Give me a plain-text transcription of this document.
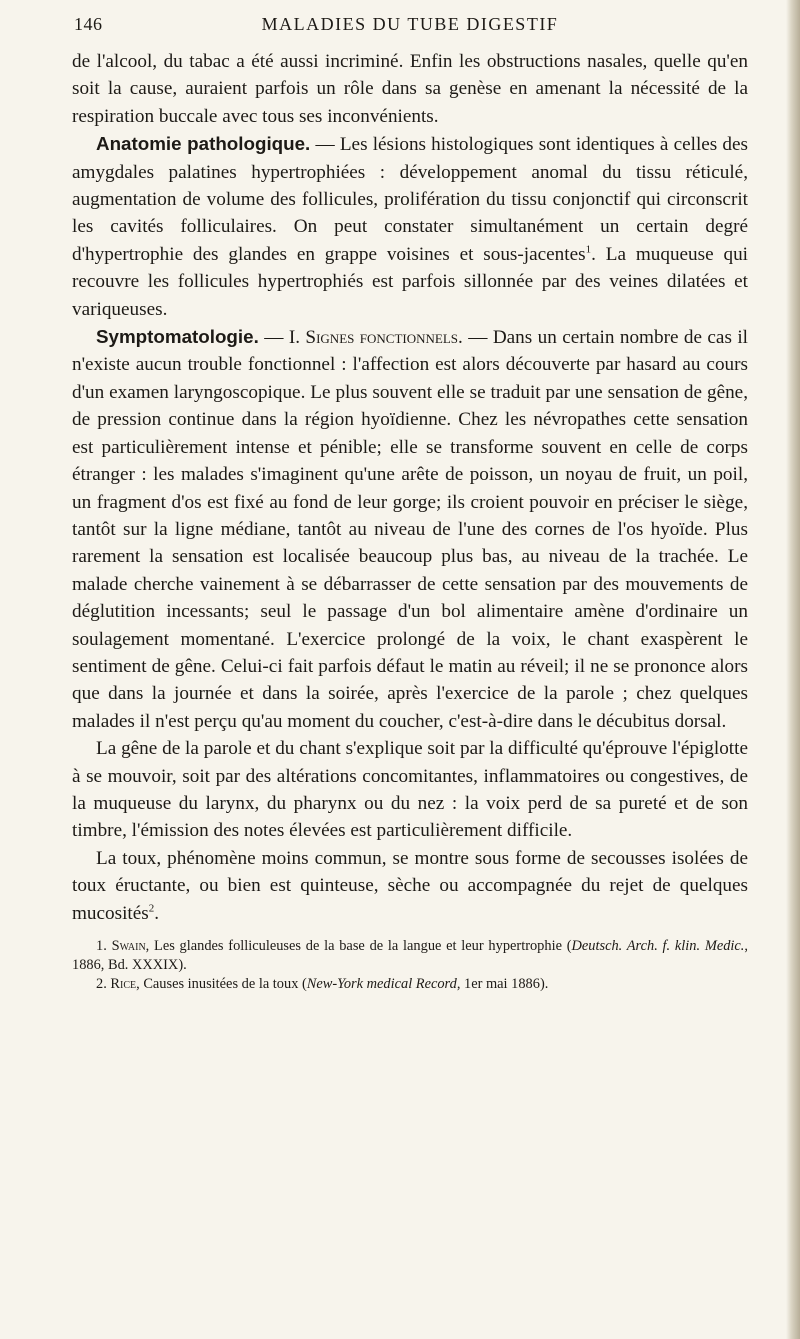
146	MALADIES DU TUBE DIGESTIF

de l'alcool, du tabac a été aussi incriminé. Enfin les obstructions nasales, quelle qu'en soit la cause, auraient parfois un rôle dans sa genèse en amenant la nécessité de la respiration buccale avec tous ses inconvénients.

Anatomie pathologique. — Les lésions histologiques sont identiques à celles des amygdales palatines hypertrophiées : développement anomal du tissu réticulé, augmentation de volume des follicules, prolifération du tissu conjonctif qui circonscrit les cavités folliculaires. On peut constater simultanément un certain degré d'hypertrophie des glandes en grappe voisines et sous-jacentes$^1$. La muqueuse qui recouvre les follicules hypertrophiés est parfois sillonnée par des veines dilatées et variqueuses.

Symptomatologie. — I. Signes fonctionnels. — Dans un certain nombre de cas il n'existe aucun trouble fonctionnel : l'affection est alors découverte par hasard au cours d'un examen laryngoscopique. Le plus souvent elle se traduit par une sensation de gêne, de pression continue dans la région hyoïdienne. Chez les névropathes cette sensation est particulièrement intense et pénible; elle se transforme souvent en celle de corps étranger : les malades s'imaginent qu'une arête de poisson, un noyau de fruit, un poil, un fragment d'os est fixé au fond de leur gorge; ils croient pouvoir en préciser le siège, tantôt sur la ligne médiane, tantôt au niveau de l'une des cornes de l'os hyoïde. Plus rarement la sensation est localisée beaucoup plus bas, au niveau de la trachée. Le malade cherche vainement à se débarrasser de cette sensation par des mouvements de déglutition incessants; seul le passage d'un bol alimentaire amène d'ordinaire un soulagement momentané. L'exercice prolongé de la voix, le chant exaspèrent le sentiment de gêne. Celui-ci fait parfois défaut le matin au réveil; il ne se prononce alors que dans la journée et dans la soirée, après l'exercice de la parole ; chez quelques malades il n'est perçu qu'au moment du coucher, c'est-à-dire dans le décubitus dorsal.

La gêne de la parole et du chant s'explique soit par la difficulté qu'éprouve l'épiglotte à se mouvoir, soit par des altérations concomitantes, inflammatoires ou congestives, de la muqueuse du larynx, du pharynx ou du nez : la voix perd de sa pureté et de son timbre, l'émission des notes élevées est particulièrement difficile.

La toux, phénomène moins commun, se montre sous forme de secousses isolées de toux éructante, ou bien est quinteuse, sèche ou accompagnée du rejet de quelques mucosités$^2$.

1. Swain, Les glandes folliculeuses de la base de la langue et leur hypertrophie (Deutsch. Arch. f. klin. Medic., 1886, Bd. XXXIX).
2. Rice, Causes inusitées de la toux (New-York medical Record, 1er mai 1886).
